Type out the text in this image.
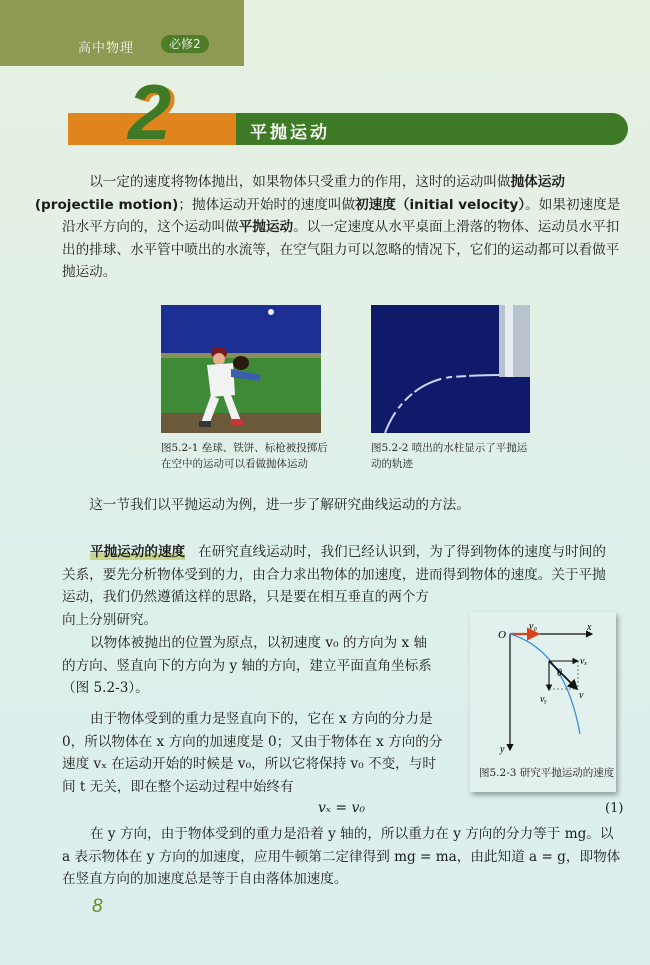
高中物理	必修2
平抛运动
2
以一定的速度将物体抛出，如果物体只受重力的作用，这时的运动叫做抛体运动
(projectile motion)；抛体运动开始时的速度叫做初速度（initial velocity）。如果初速度是沿水平方向的，这个运动叫做平抛运动。以一定速度从水平桌面上滑落的物体、运动员水平扣出的排球、水平管中喷出的水流等，在空气阻力可以忽略的情况下，它们的运动都可以看做平抛运动。
图5.2-1 垒球、铁饼、标枪被投掷后
在空中的运动可以看做抛体运动
图5.2-2 喷出的水柱显示了平抛运
动的轨迹
这一节我们以平抛运动为例，进一步了解研究曲线运动的方法。
平抛运动的速度 在研究直线运动时，我们已经认识到，为了得到物体的速度与时间的
关系，要先分析物体受到的力，由合力求出物体的加速度，进而得到物体的速度。关于平抛
运动，我们仍然遵循这样的思路，只是要在相互垂直的两个方
向上分别研究。
以物体被抛出的位置为原点，以初速度 v₀ 的方向为 x 轴
的方向、竖直向下的方向为 y 轴的方向，建立平面直角坐标系
（图 5.2-3）。
由于物体受到的重力是竖直向下的，它在 x 方向的分力是
0，所以物体在 x 方向的加速度是 0；又由于物体在 x 方向的分
速度 vₓ 在运动开始的时候是 v₀，所以它将保持 v₀ 不变，与时
间 t 无关，即在整个运动过程中始终有
O
v₀	x
y
vₓ
vᵧ	v
θ
图5.2-3 研究平抛运动的速度
vₓ = v₀	(1)
在 y 方向，由于物体受到的重力是沿着 y 轴的，所以重力在 y 方向的分力等于 mg。以
a 表示物体在 y 方向的加速度，应用牛顿第二定律得到 mg = ma，由此知道 a = g，即物体
在竖直方向的加速度总是等于自由落体加速度。
8
